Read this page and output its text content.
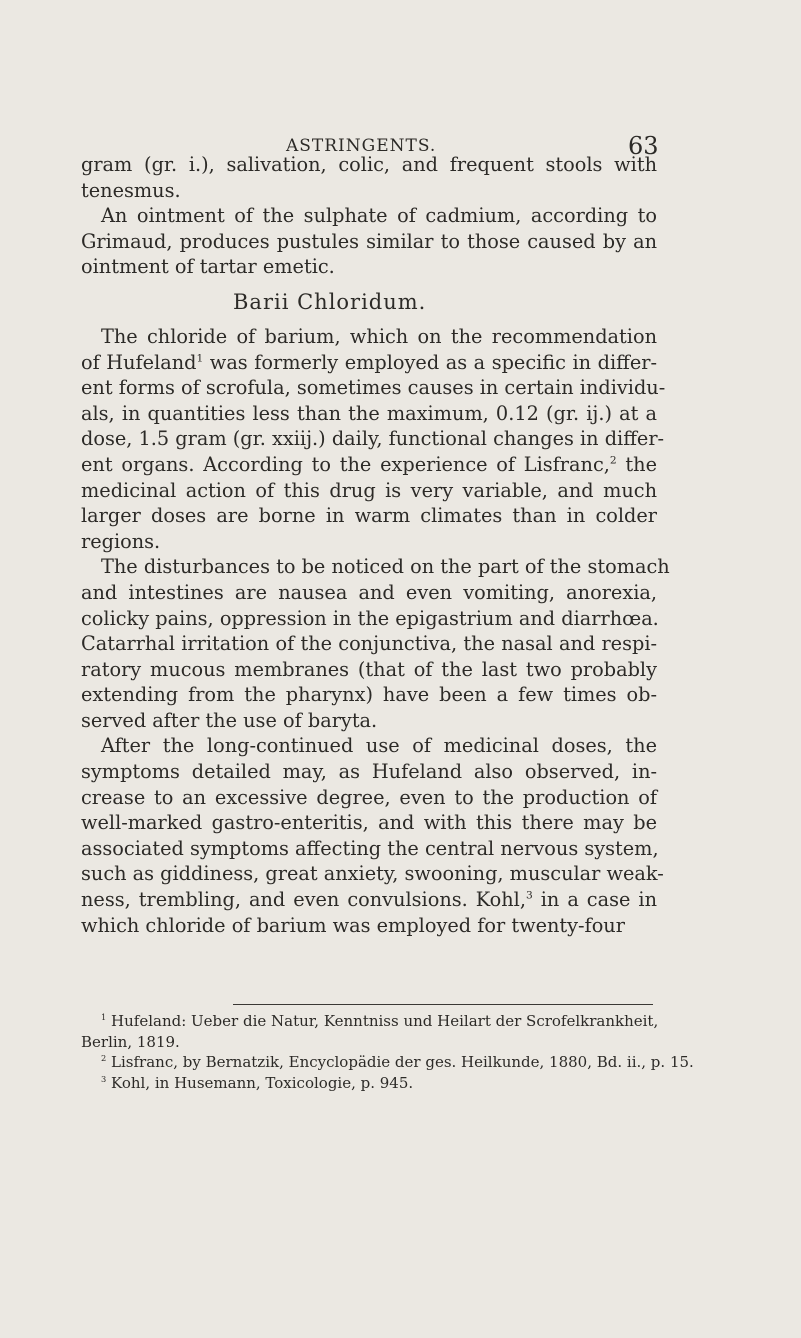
ASTRINGENTS.	63
gram (gr. i.), salivation, colic, and frequent stools with
tenesmus.
An ointment of the sulphate of cadmium, according to
Grimaud, produces pustules similar to those caused by an
ointment of tartar emetic.
Barii Chloridum.
The chloride of barium, which on the recommendation
of Hufeland$^1$ was formerly employed as a specific in differ-
ent forms of scrofula, sometimes causes in certain individu-
als, in quantities less than the maximum, 0.12 (gr. ij.) at a
dose, 1.5 gram (gr. xxiij.) daily, functional changes in differ-
ent organs. According to the experience of Lisfranc,$^2$ the
medicinal action of this drug is very variable, and much
larger doses are borne in warm climates than in colder
regions.
The disturbances to be noticed on the part of the stomach
and intestines are nausea and even vomiting, anorexia,
colicky pains, oppression in the epigastrium and diarrhœa.
Catarrhal irritation of the conjunctiva, the nasal and respi-
ratory mucous membranes (that of the last two probably
extending from the pharynx) have been a few times ob-
served after the use of baryta.
After the long-continued use of medicinal doses, the
symptoms detailed may, as Hufeland also observed, in-
crease to an excessive degree, even to the production of
well-marked gastro-enteritis, and with this there may be
associated symptoms affecting the central nervous system,
such as giddiness, great anxiety, swooning, muscular weak-
ness, trembling, and even convulsions. Kohl,$^3$ in a case in
which chloride of barium was employed for twenty-four
$^1$ Hufeland: Ueber die Natur, Kenntniss und Heilart der Scrofelkrankheit,
Berlin, 1819.
$^2$ Lisfranc, by Bernatzik, Encyclopädie der ges. Heilkunde, 1880, Bd. ii., p. 15.
$^3$ Kohl, in Husemann, Toxicologie, p. 945.
